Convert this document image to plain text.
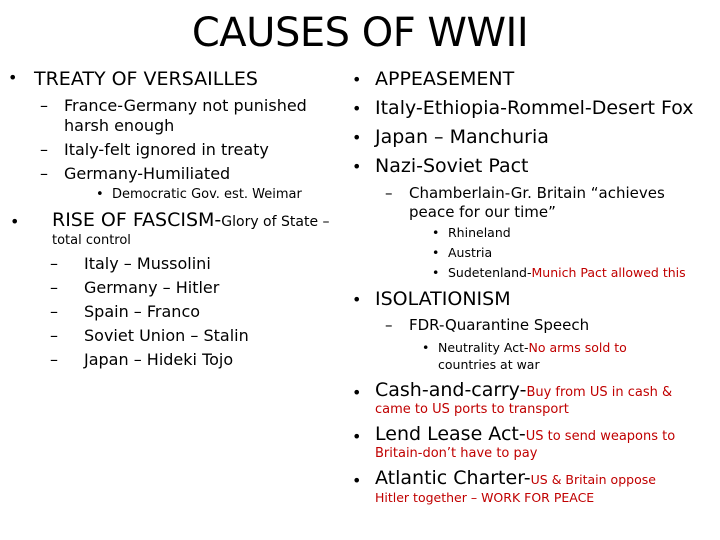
CAUSES OF WWII
• TREATY OF VERSAILLES
– France-Germany not punished
harsh enough
– Italy-felt ignored in treaty
– Germany-Humiliated
• Democratic Gov. est. Weimar
• RISE OF FASCISM-Glory of State –
total control
– Italy – Mussolini
– Germany – Hitler
– Spain – Franco
– Soviet Union – Stalin
– Japan – Hideki Tojo
• APPEASEMENT
• Italy-Ethiopia-Rommel-Desert Fox
• Japan – Manchuria
• Nazi-Soviet Pact
– Chamberlain-Gr. Britain “achieves
peace for our time”
• Rhineland
• Austria
• Sudetenland-Munich Pact allowed this
• ISOLATIONISM
– FDR-Quarantine Speech
• Neutrality Act-No arms sold to
countries at war
• Cash-and-carry-Buy from US in cash &
came to US ports to transport
• Lend Lease Act-US to send weapons to
Britain-don’t have to pay
• Atlantic Charter-US & Britain oppose
Hitler together – WORK FOR PEACE
